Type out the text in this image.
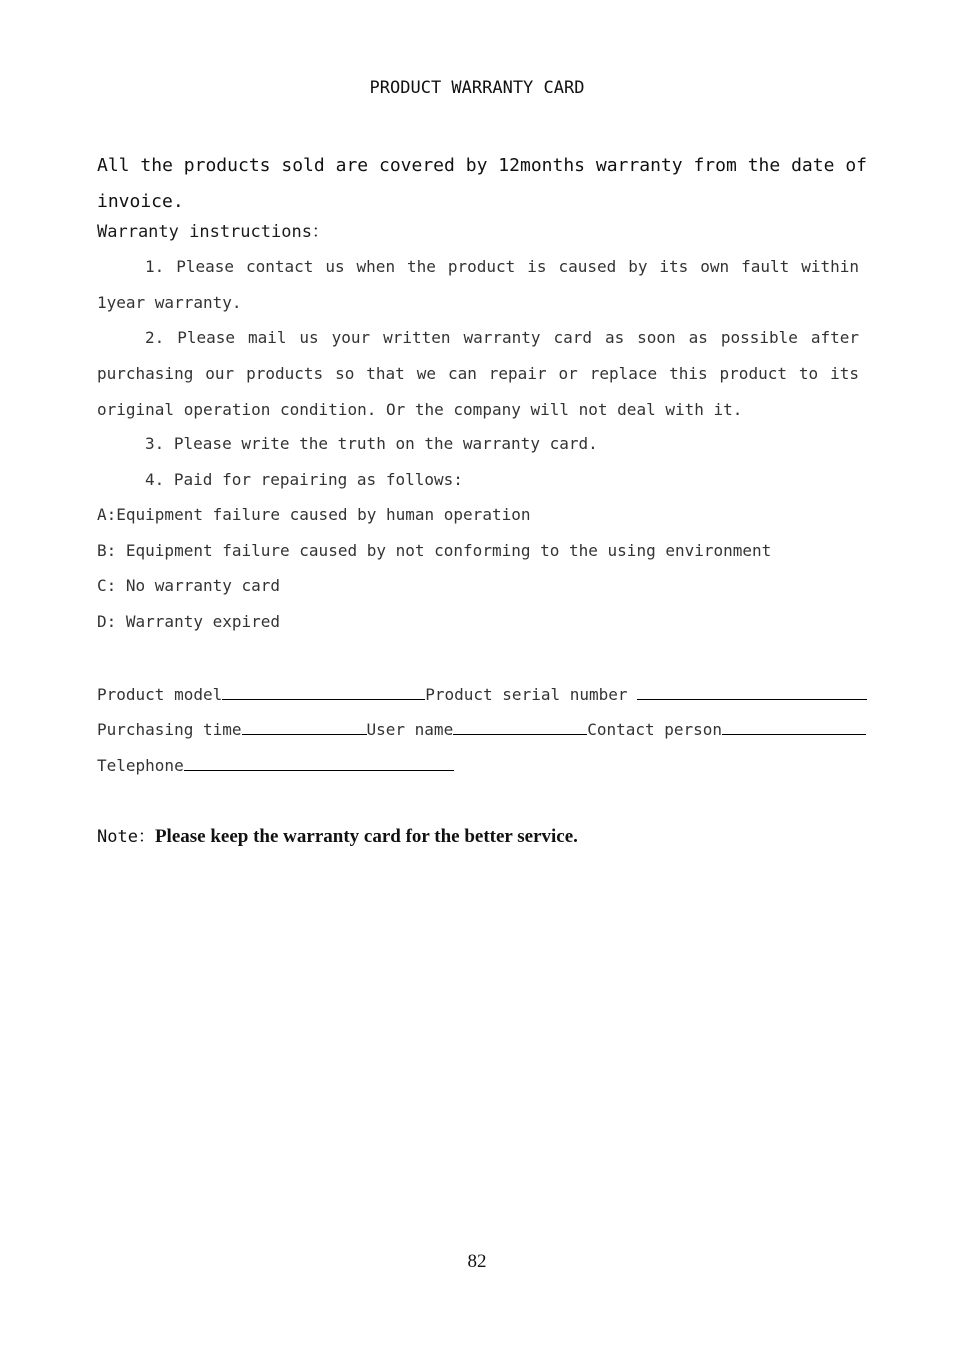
PRODUCT WARRANTY CARD
All the products sold are covered by 12months warranty from the date of invoice.
Warranty instructions：
1. Please contact us when the product is caused by its own fault within 1year warranty.
2. Please mail us your written warranty card as soon as possible after purchasing our products so that we can repair or replace this product to its original operation condition. Or the company will not deal with it.
3. Please write the truth on the warranty card.
4. Paid for repairing as follows:
A:Equipment failure caused by human operation
B: Equipment failure caused by not conforming to the using environment
C: No warranty card
D: Warranty expired
Product model	Product serial number
Purchasing time	User name	Contact person
Telephone
Note：Please keep the warranty card for the better service.
82
